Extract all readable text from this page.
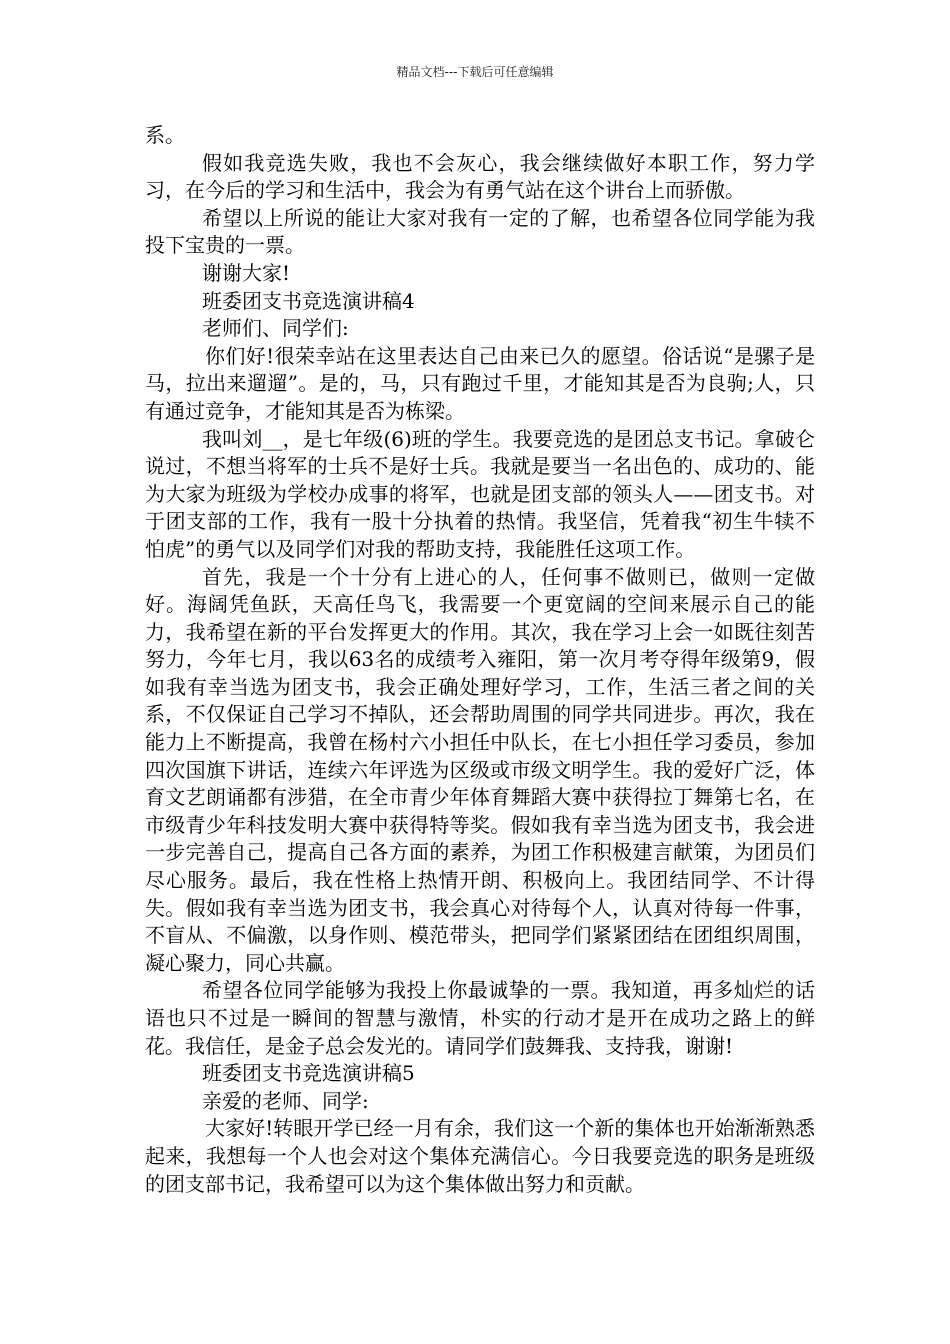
精品文档---下载后可任意编辑

系。

假如我竞选失败，我也不会灰心，我会继续做好本职工作，努力学习，在今后的学习和生活中，我会为有勇气站在这个讲台上而骄傲。

希望以上所说的能让大家对我有一定的了解，也希望各位同学能为我投下宝贵的一票。

谢谢大家!

班委团支书竞选演讲稿4

老师们、同学们:

你们好!很荣幸站在这里表达自己由来已久的愿望。俗话说“是骡子是马，拉出来遛遛”。是的，马，只有跑过千里，才能知其是否为良驹;人，只有通过竞争，才能知其是否为栋梁。

我叫刘__，是七年级(6)班的学生。我要竞选的是团总支书记。拿破仑说过，不想当将军的士兵不是好士兵。我就是要当一名出色的、成功的、能为大家为班级为学校办成事的将军，也就是团支部的领头人——团支书。对于团支部的工作，我有一股十分执着的热情。我坚信，凭着我“初生牛犊不怕虎”的勇气以及同学们对我的帮助支持，我能胜任这项工作。

首先，我是一个十分有上进心的人，任何事不做则已，做则一定做好。海阔凭鱼跃，天高任鸟飞，我需要一个更宽阔的空间来展示自己的能力，我希望在新的平台发挥更大的作用。其次，我在学习上会一如既往刻苦努力，今年七月，我以63名的成绩考入雍阳，第一次月考夺得年级第9，假如我有幸当选为团支书，我会正确处理好学习，工作，生活三者之间的关系，不仅保证自己学习不掉队，还会帮助周围的同学共同进步。再次，我在能力上不断提高，我曾在杨村六小担任中队长，在七小担任学习委员，参加四次国旗下讲话，连续六年评选为区级或市级文明学生。我的爱好广泛，体育文艺朗诵都有涉猎，在全市青少年体育舞蹈大赛中获得拉丁舞第七名，在市级青少年科技发明大赛中获得特等奖。假如我有幸当选为团支书，我会进一步完善自己，提高自己各方面的素养，为团工作积极建言献策，为团员们尽心服务。最后，我在性格上热情开朗、积极向上。我团结同学、不计得失。假如我有幸当选为团支书，我会真心对待每个人，认真对待每一件事，不盲从、不偏激，以身作则、模范带头，把同学们紧紧团结在团组织周围，凝心聚力，同心共赢。

希望各位同学能够为我投上你最诚挚的一票。我知道，再多灿烂的话语也只不过是一瞬间的智慧与激情，朴实的行动才是开在成功之路上的鲜花。我信任，是金子总会发光的。请同学们鼓舞我、支持我，谢谢!

班委团支书竞选演讲稿5

亲爱的老师、同学:

大家好!转眼开学已经一月有余，我们这一个新的集体也开始渐渐熟悉起来，我想每一个人也会对这个集体充满信心。今日我要竞选的职务是班级的团支部书记，我希望可以为这个集体做出努力和贡献。
